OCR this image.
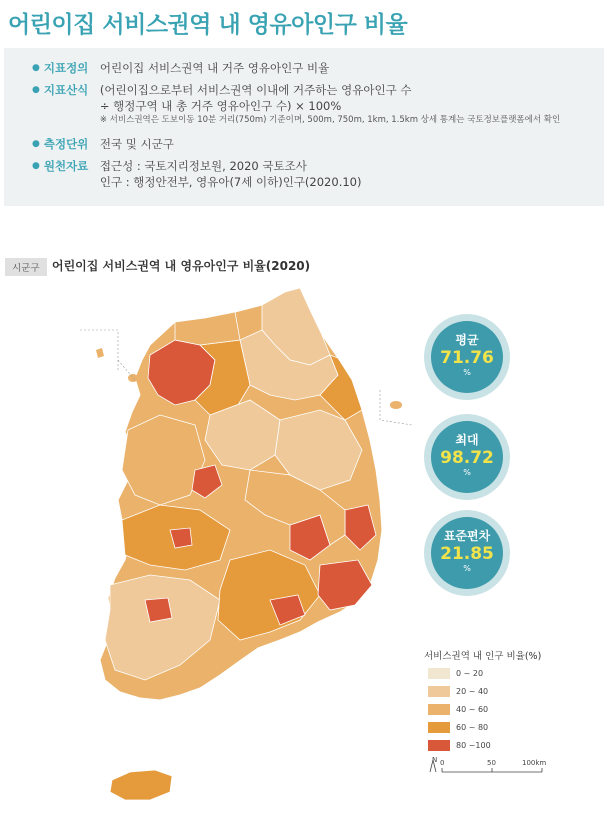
어린이집 서비스권역 내 영유아인구 비율
● 지표정의	어린이집 서비스권역 내 거주 영유아인구 비율
● 지표산식	(어린이집으로부터 서비스권역 이내에 거주하는 영유아인구 수
÷ 행정구역 내 총 거주 영유아인구 수) × 100%
※ 서비스권역은 도보이동 10분 거리(750m) 기준이며, 500m, 750m, 1km, 1.5km 상세 통계는 국토정보플랫폼에서 확인
● 측정단위	전국 및 시군구
● 원천자료	접근성 : 국토지리정보원, 2020 국토조사
인구 : 행정안전부, 영유아(7세 이하)인구(2020.10)
시군구	어린이집 서비스권역 내 영유아인구 비율(2020)
평균
71.76
%
최대
98.72
%
표준편차
21.85
%
서비스권역 내 인구 비율(%)
0 ~ 20
20 ~ 40
40 ~ 60
60 ~ 80
80 ~100
N 0	50	100km
